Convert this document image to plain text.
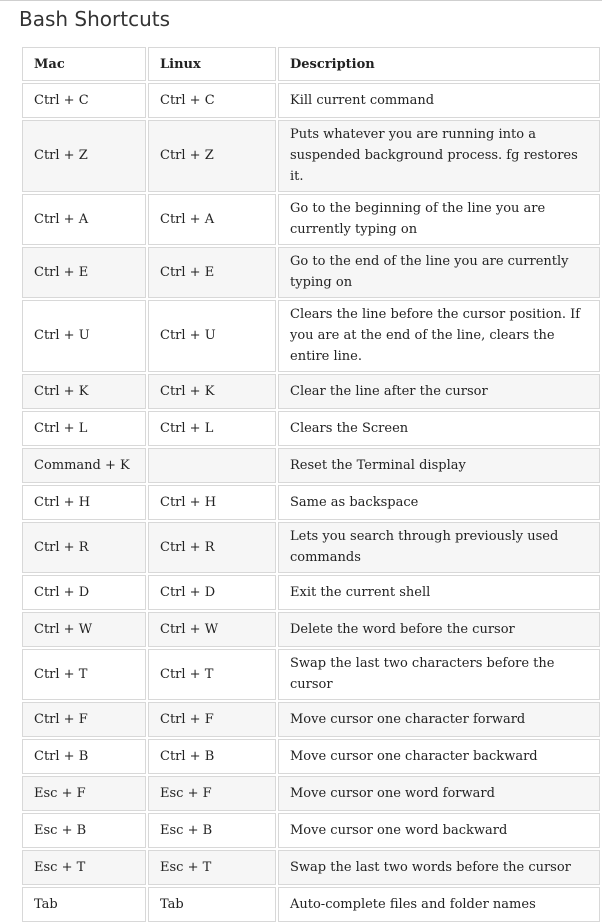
Bash Shortcuts
Mac	Linux	Description
Ctrl + C	Ctrl + C	Kill current command
Ctrl + Z	Ctrl + Z	Puts whatever you are running into a suspended background process. fg restores it.
Ctrl + A	Ctrl + A	Go to the beginning of the line you are currently typing on
Ctrl + E	Ctrl + E	Go to the end of the line you are currently typing on
Ctrl + U	Ctrl + U	Clears the line before the cursor position. If you are at the end of the line, clears the entire line.
Ctrl + K	Ctrl + K	Clear the line after the cursor
Ctrl + L	Ctrl + L	Clears the Screen
Command + K		Reset the Terminal display
Ctrl + H	Ctrl + H	Same as backspace
Ctrl + R	Ctrl + R	Lets you search through previously used commands
Ctrl + D	Ctrl + D	Exit the current shell
Ctrl + W	Ctrl + W	Delete the word before the cursor
Ctrl + T	Ctrl + T	Swap the last two characters before the cursor
Ctrl + F	Ctrl + F	Move cursor one character forward
Ctrl + B	Ctrl + B	Move cursor one character backward
Esc + F	Esc + F	Move cursor one word forward
Esc + B	Esc + B	Move cursor one word backward
Esc + T	Esc + T	Swap the last two words before the cursor
Tab	Tab	Auto-complete files and folder names
